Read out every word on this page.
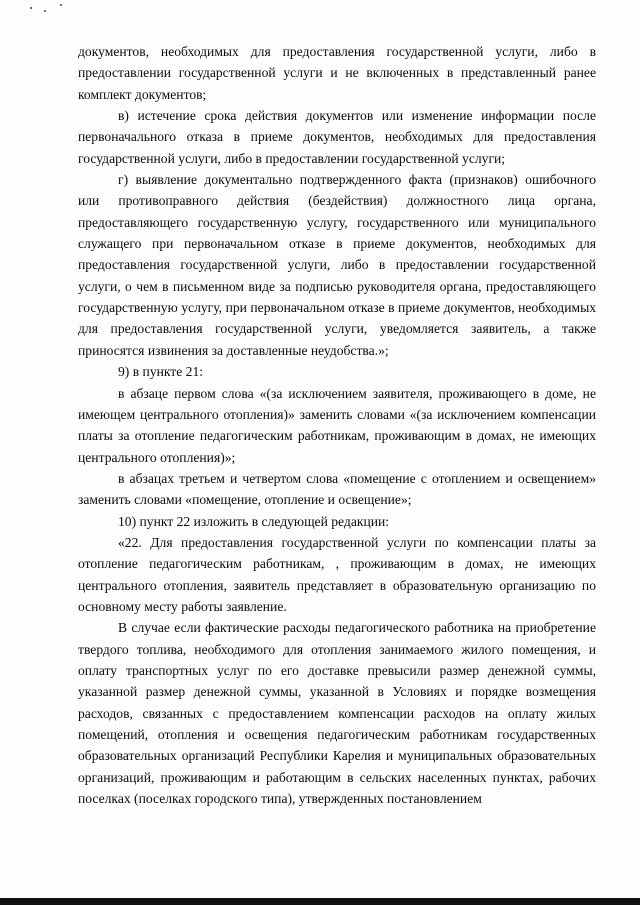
документов, необходимых для предоставления государственной услуги, либо в предоставлении государственной услуги и не включенных в представленный ранее комплект документов;

в) истечение срока действия документов или изменение информации после первоначального отказа в приеме документов, необходимых для предоставления государственной услуги, либо в предоставлении государственной услуги;

г) выявление документально подтвержденного факта (признаков) ошибочного или противоправного действия (бездействия) должностного лица органа, предоставляющего государственную услугу, государственного или муниципального служащего при первоначальном отказе в приеме документов, необходимых для предоставления государственной услуги, либо в предоставлении государственной услуги, о чем в письменном виде за подписью руководителя органа, предоставляющего государственную услугу, при первоначальном отказе в приеме документов, необходимых для предоставления государственной услуги, уведомляется заявитель, а также приносятся извинения за доставленные неудобства.»;

9) в пункте 21:

в абзаце первом слова «(за исключением заявителя, проживающего в доме, не имеющем центрального отопления)» заменить словами «(за исключением компенсации платы за отопление педагогическим работникам, проживающим в домах, не имеющих центрального отопления)»;

в абзацах третьем и четвертом слова «помещение с отоплением и освещением» заменить словами «помещение, отопление и освещение»;

10) пункт 22 изложить в следующей редакции:

«22. Для предоставления государственной услуги по компенсации платы за отопление педагогическим работникам, , проживающим в домах, не имеющих центрального отопления, заявитель представляет в образовательную организацию по основному месту работы заявление.

В случае если фактические расходы педагогического работника на приобретение твердого топлива, необходимого для отопления занимаемого жилого помещения, и оплату транспортных услуг по его доставке превысили размер денежной суммы, указанной размер денежной суммы, указанной в Условиях и порядке возмещения расходов, связанных с предоставлением компенсации расходов на оплату жилых помещений, отопления и освещения педагогическим работникам государственных образовательных организаций Республики Карелия и муниципальных образовательных организаций, проживающим и работающим в сельских населенных пунктах, рабочих поселках (поселках городского типа), утвержденных постановлением
